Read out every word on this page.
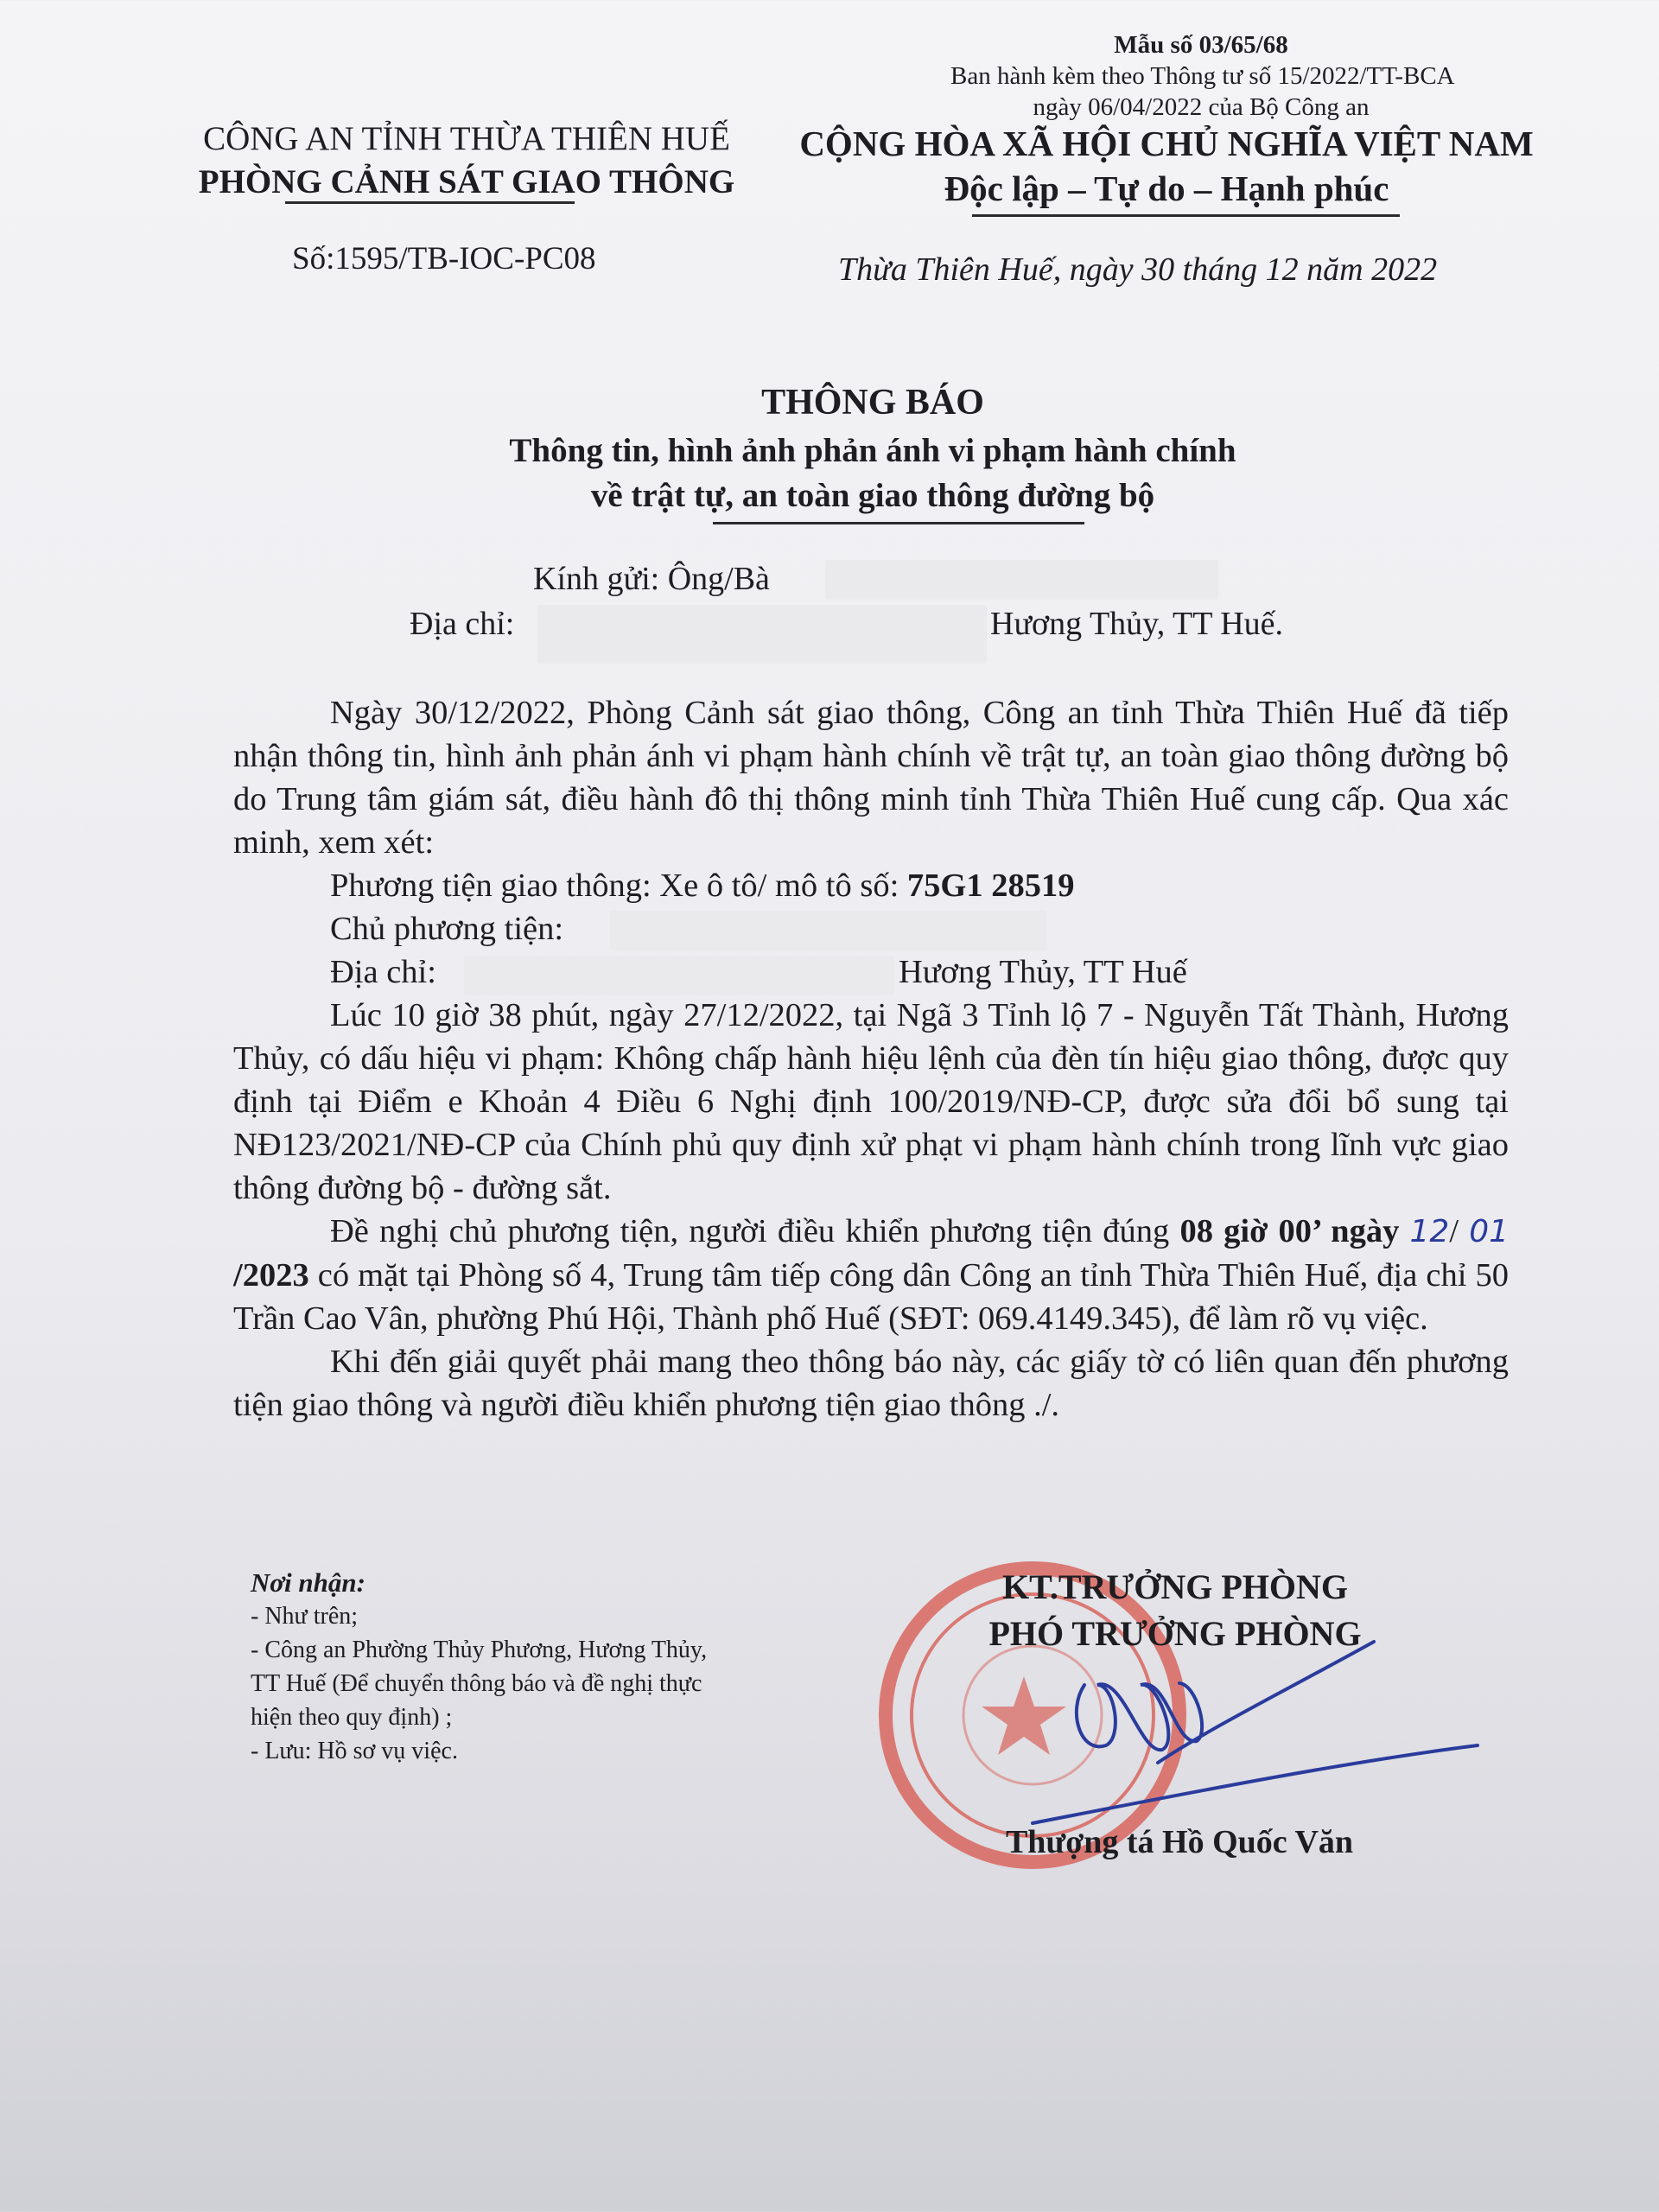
Mẫu số 03/65/68
Ban hành kèm theo Thông tư số 15/2022/TT-BCA
ngày 06/04/2022 của Bộ Công an
CÔNG AN TỈNH THỪA THIÊN HUẾ
PHÒNG CẢNH SÁT GIAO THÔNG
CỘNG HÒA XÃ HỘI CHỦ NGHĨA VIỆT NAM
Độc lập – Tự do – Hạnh phúc
Số:1595/TB-IOC-PC08	Thừa Thiên Huế, ngày 30 tháng 12 năm 2022
THÔNG BÁO
Thông tin, hình ảnh phản ánh vi phạm hành chính
về trật tự, an toàn giao thông đường bộ
Kính gửi: Ông/Bà
Địa chỉ:	Hương Thủy, TT Huế.

Ngày 30/12/2022, Phòng Cảnh sát giao thông, Công an tỉnh Thừa Thiên Huế đã tiếp nhận thông tin, hình ảnh phản ánh vi phạm hành chính về trật tự, an toàn giao thông đường bộ do Trung tâm giám sát, điều hành đô thị thông minh tỉnh Thừa Thiên Huế cung cấp. Qua xác minh, xem xét:

Phương tiện giao thông: Xe ô tô/ mô tô số: 75G1 28519
Chủ phương tiện:
Địa chỉ:	Hương Thủy, TT Huế

Lúc 10 giờ 38 phút, ngày 27/12/2022, tại Ngã 3 Tỉnh lộ 7 - Nguyễn Tất Thành, Hương Thủy, có dấu hiệu vi phạm: Không chấp hành hiệu lệnh của đèn tín hiệu giao thông, được quy định tại Điểm e Khoản 4 Điều 6 Nghị định 100/2019/NĐ-CP, được sửa đổi bổ sung tại NĐ123/2021/NĐ-CP của Chính phủ quy định xử phạt vi phạm hành chính trong lĩnh vực giao thông đường bộ - đường sắt.

Đề nghị chủ phương tiện, người điều khiển phương tiện đúng 08 giờ 00’ ngày 12/ 01 /2023 có mặt tại Phòng số 4, Trung tâm tiếp công dân Công an tỉnh Thừa Thiên Huế, địa chỉ 50 Trần Cao Vân, phường Phú Hội, Thành phố Huế (SĐT: 069.4149.345), để làm rõ vụ việc.

Khi đến giải quyết phải mang theo thông báo này, các giấy tờ có liên quan đến phương tiện giao thông và người điều khiển phương tiện giao thông ./.

Nơi nhận:
- Như trên;
- Công an Phường Thủy Phương, Hương Thủy,
TT Huế (Để chuyển thông báo và đề nghị thực
hiện theo quy định) ;
- Lưu: Hồ sơ vụ việc.
KT.TRƯỞNG PHÒNG
PHÓ TRƯỞNG PHÒNG
Thượng tá Hồ Quốc Văn
